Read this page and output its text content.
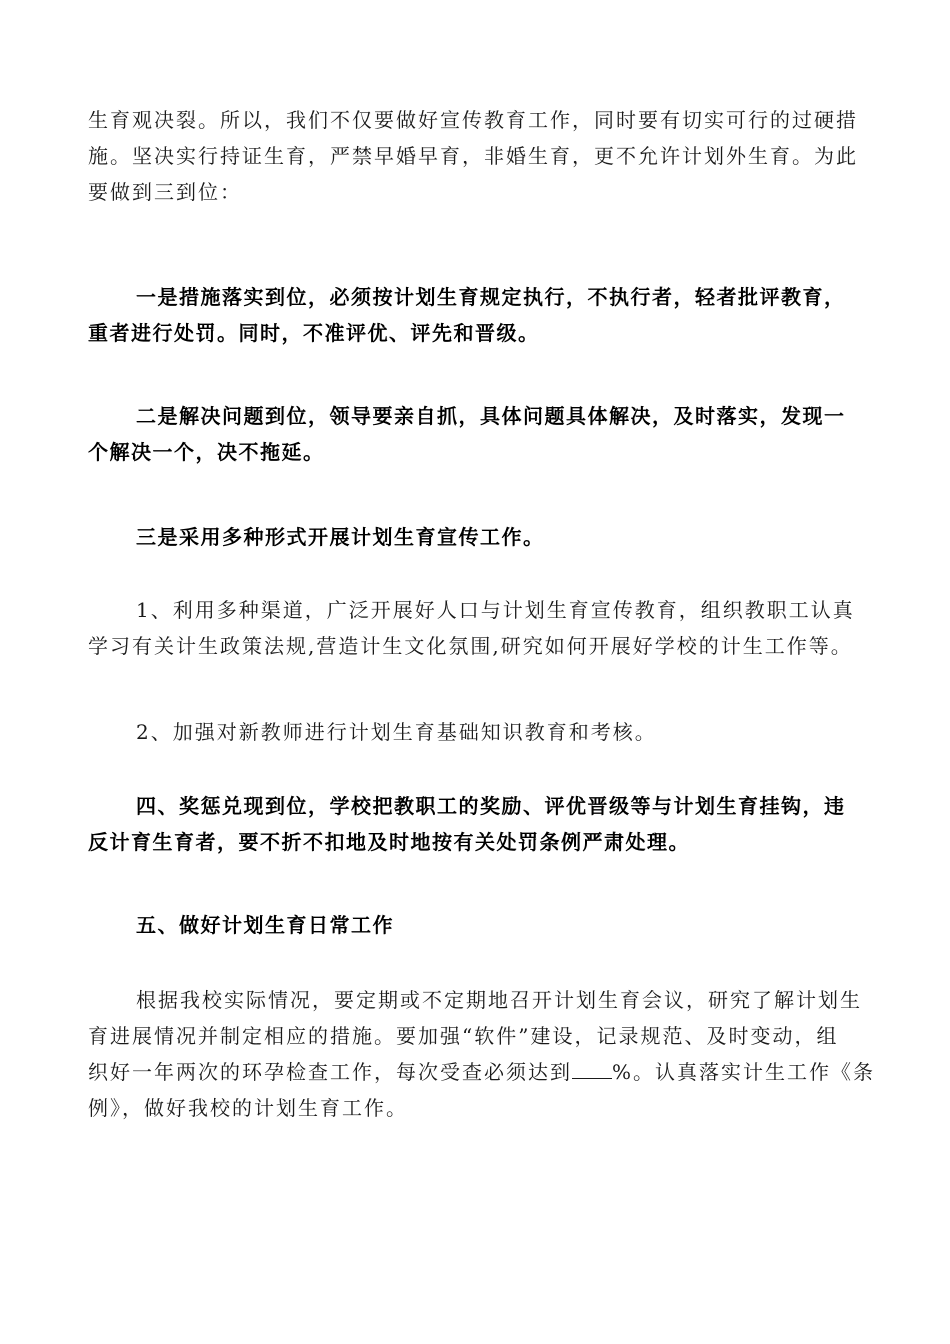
生育观决裂。所以，我们不仅要做好宣传教育工作，同时要有切实可行的过硬措
施。坚决实行持证生育，严禁早婚早育，非婚生育，更不允许计划外生育。为此
要做到三到位：

一是措施落实到位，必须按计划生育规定执行，不执行者，轻者批评教育，
重者进行处罚。同时，不准评优、评先和晋级。

二是解决问题到位，领导要亲自抓，具体问题具体解决，及时落实，发现一
个解决一个，决不拖延。

三是采用多种形式开展计划生育宣传工作。

1、利用多种渠道，广泛开展好人口与计划生育宣传教育，组织教职工认真
学习有关计生政策法规,营造计生文化氛围,研究如何开展好学校的计生工作等。

2、加强对新教师进行计划生育基础知识教育和考核。

四、奖惩兑现到位，学校把教职工的奖励、评优晋级等与计划生育挂钩，违
反计育生育者，要不折不扣地及时地按有关处罚条例严肃处理。

五、做好计划生育日常工作

根据我校实际情况，要定期或不定期地召开计划生育会议，研究了解计划生
育进展情况并制定相应的措施。要加强“软件”建设，记录规范、及时变动，组
织好一年两次的环孕检查工作，每次受查必须达到 %。认真落实计生工作《条
例》，做好我校的计划生育工作。
